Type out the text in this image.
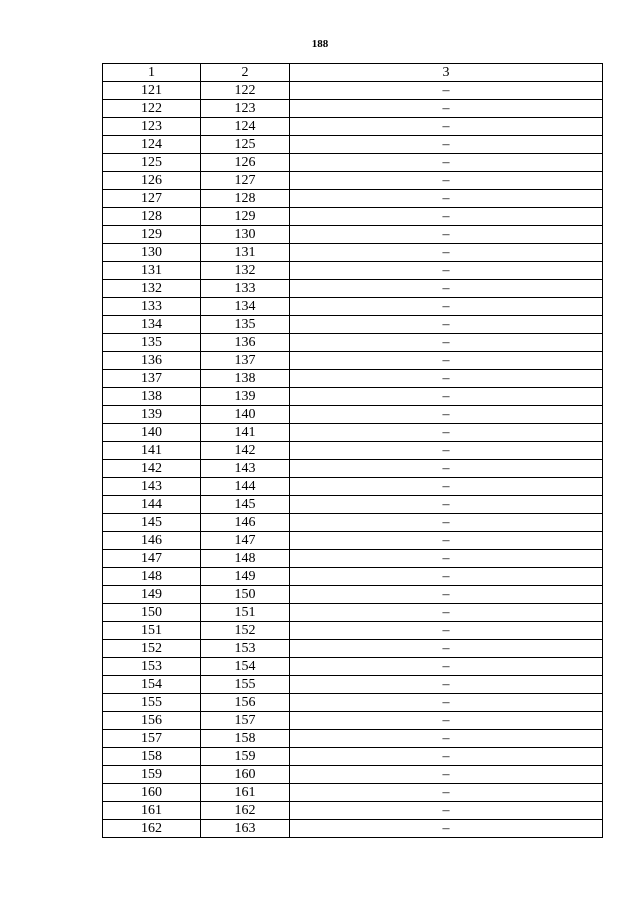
188
1	2	3
121	122	–
122	123	–
123	124	–
124	125	–
125	126	–
126	127	–
127	128	–
128	129	–
129	130	–
130	131	–
131	132	–
132	133	–
133	134	–
134	135	–
135	136	–
136	137	–
137	138	–
138	139	–
139	140	–
140	141	–
141	142	–
142	143	–
143	144	–
144	145	–
145	146	–
146	147	–
147	148	–
148	149	–
149	150	–
150	151	–
151	152	–
152	153	–
153	154	–
154	155	–
155	156	–
156	157	–
157	158	–
158	159	–
159	160	–
160	161	–
161	162	–
162	163	–
